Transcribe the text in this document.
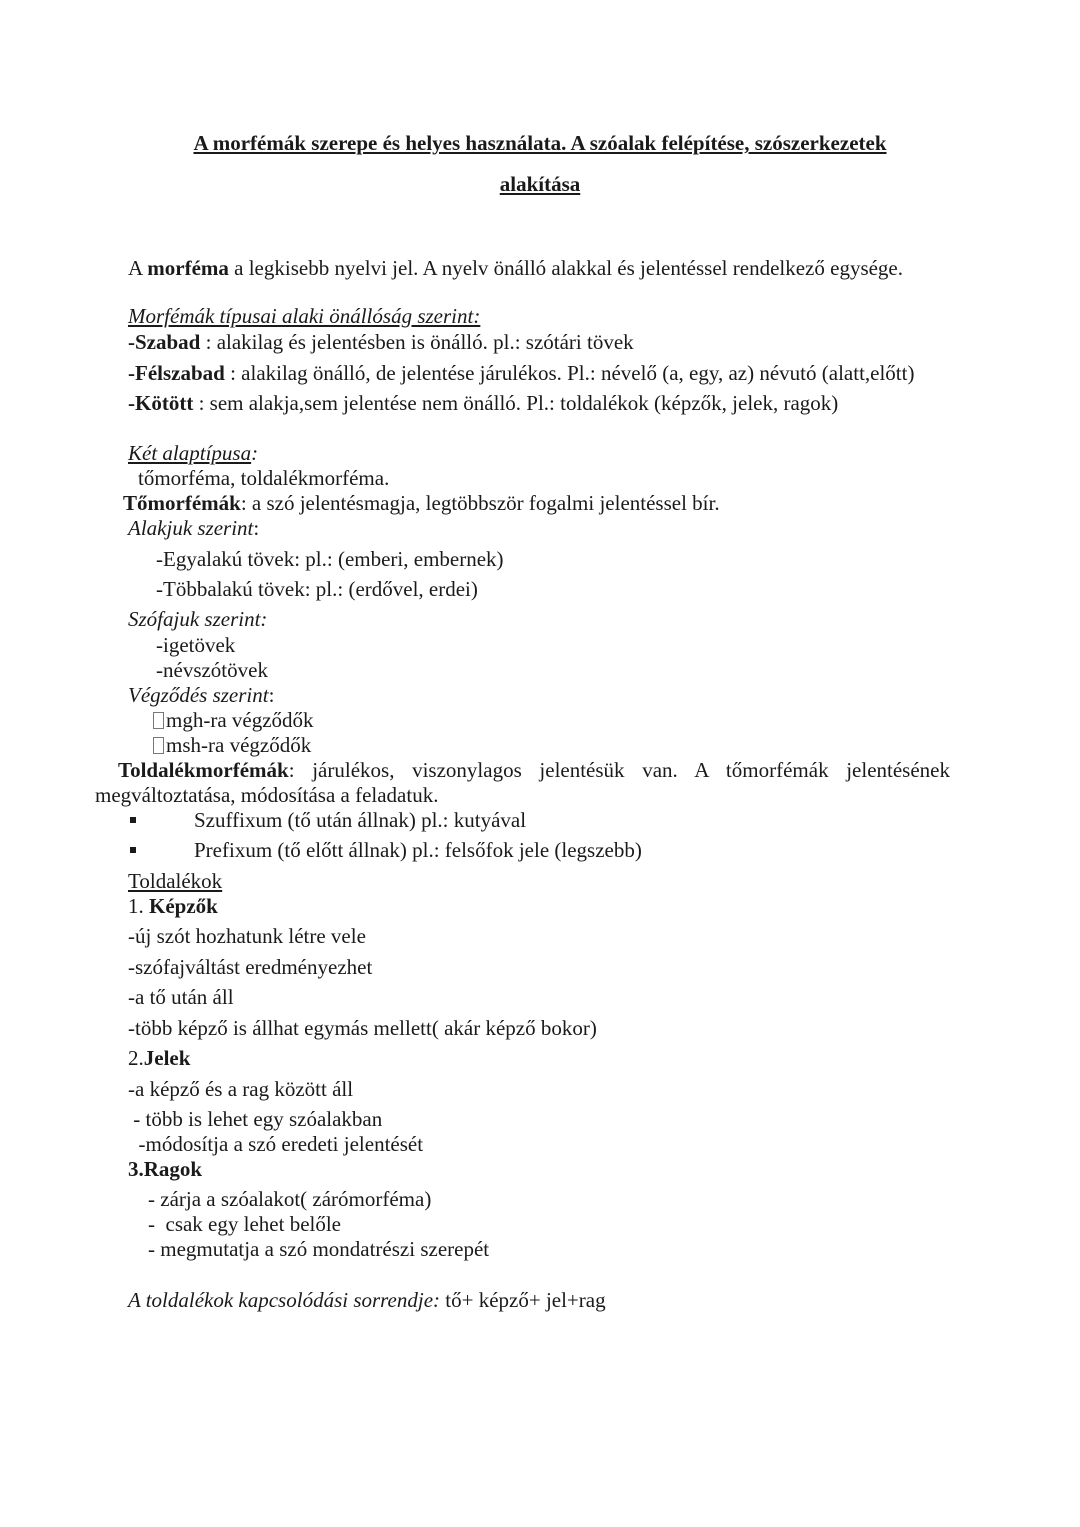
A morfémák szerepe és helyes használata. A szóalak felépítése, szószerkezetek
alakítása
A morféma a legkisebb nyelvi jel. A nyelv önálló alakkal és jelentéssel rendelkező egysége.
Morfémák típusai alaki önállóság szerint:
-Szabad : alakilag és jelentésben is önálló. pl.: szótári tövek
-Félszabad : alakilag önálló, de jelentése járulékos. Pl.: névelő (a, egy, az) névutó (alatt,előtt)
-Kötött : sem alakja,sem jelentése nem önálló. Pl.: toldalékok (képzők, jelek, ragok)
Két alaptípusa:
tőmorféma, toldalékmorféma.
Tőmorfémák: a szó jelentésmagja, legtöbbször fogalmi jelentéssel bír.
Alakjuk szerint:
-Egyalakú tövek: pl.: (emberi, embernek)
-Többalakú tövek: pl.: (erdővel, erdei)
Szófajuk szerint:
-igetövek
-névszótövek
Végződés szerint:
mgh-ra végződők
msh-ra végződők
Toldalékmorfémák: járulékos, viszonylagos jelentésük van. A tőmorfémák jelentésének
megváltoztatása, módosítása a feladatuk.
Szuffixum (tő után állnak) pl.: kutyával
Prefixum (tő előtt állnak) pl.: felsőfok jele (legszebb)
Toldalékok
1. Képzők
-új szót hozhatunk létre vele
-szófajváltást eredményezhet
-a tő után áll
-több képző is állhat egymás mellett( akár képző bokor)
2.Jelek
-a képző és a rag között áll
- több is lehet egy szóalakban
-módosítja a szó eredeti jelentését
3.Ragok
- zárja a szóalakot( zárómorféma)
-  csak egy lehet belőle
- megmutatja a szó mondatrészi szerepét
A toldalékok kapcsolódási sorrendje: tő+ képző+ jel+rag
